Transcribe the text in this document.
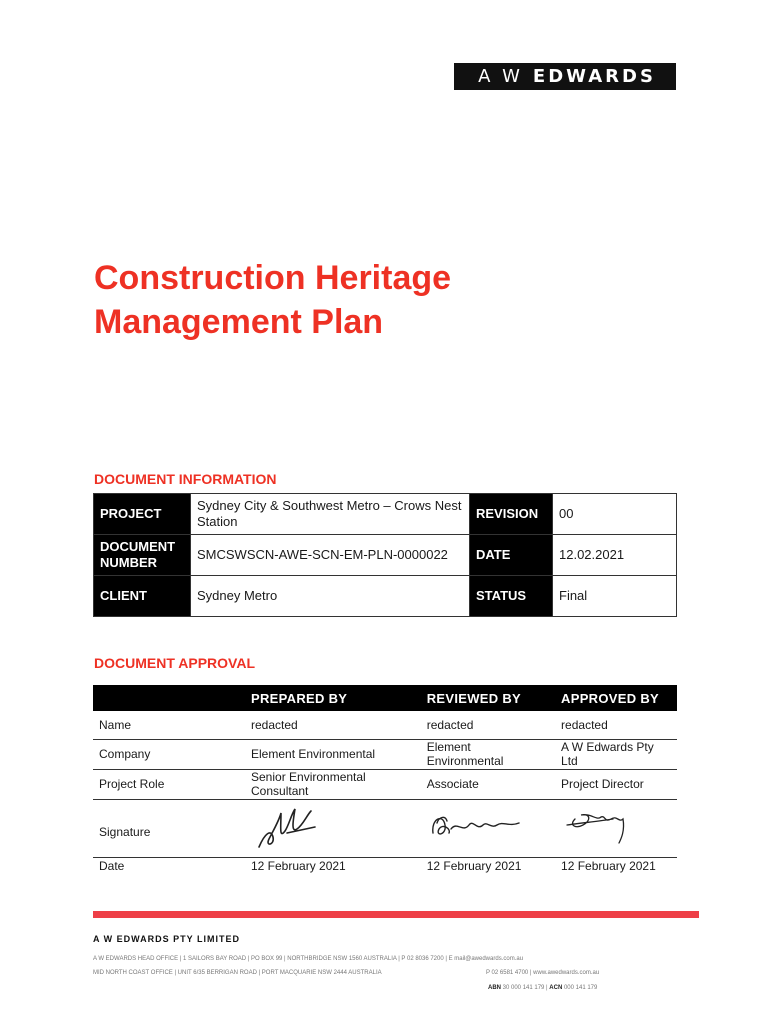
A W EDWARDS
Construction Heritage
Management Plan
DOCUMENT INFORMATION
PROJECT	Sydney City & Southwest Metro – Crows Nest Station	REVISION	00
DOCUMENT NUMBER	SMCSWSCN-AWE-SCN-EM-PLN-0000022	DATE	12.02.2021
CLIENT	Sydney Metro	STATUS	Final
DOCUMENT APPROVAL
	PREPARED BY	REVIEWED BY	APPROVED BY
Name	redacted	redacted	redacted
Company	Element Environmental	Element Environmental	A W Edwards Pty Ltd
Project Role	Senior Environmental Consultant	Associate	Project Director
Signature	

Date	12 February 2021	12 February 2021	12 February 2021
A W EDWARDS PTY LIMITED
A W EDWARDS HEAD OFFICE | 1 SAILORS BAY ROAD | PO BOX 99 | NORTHBRIDGE NSW 1560 AUSTRALIA | P 02 8036 7200 | E mail@awedwards.com.au
MID NORTH COAST OFFICE | UNIT 6/35 BERRIGAN ROAD | PORT MACQUARIE NSW 2444 AUSTRALIA	P 02 6581 4700 | www.awedwards.com.au
ABN 30 000 141 179 | ACN 000 141 179
